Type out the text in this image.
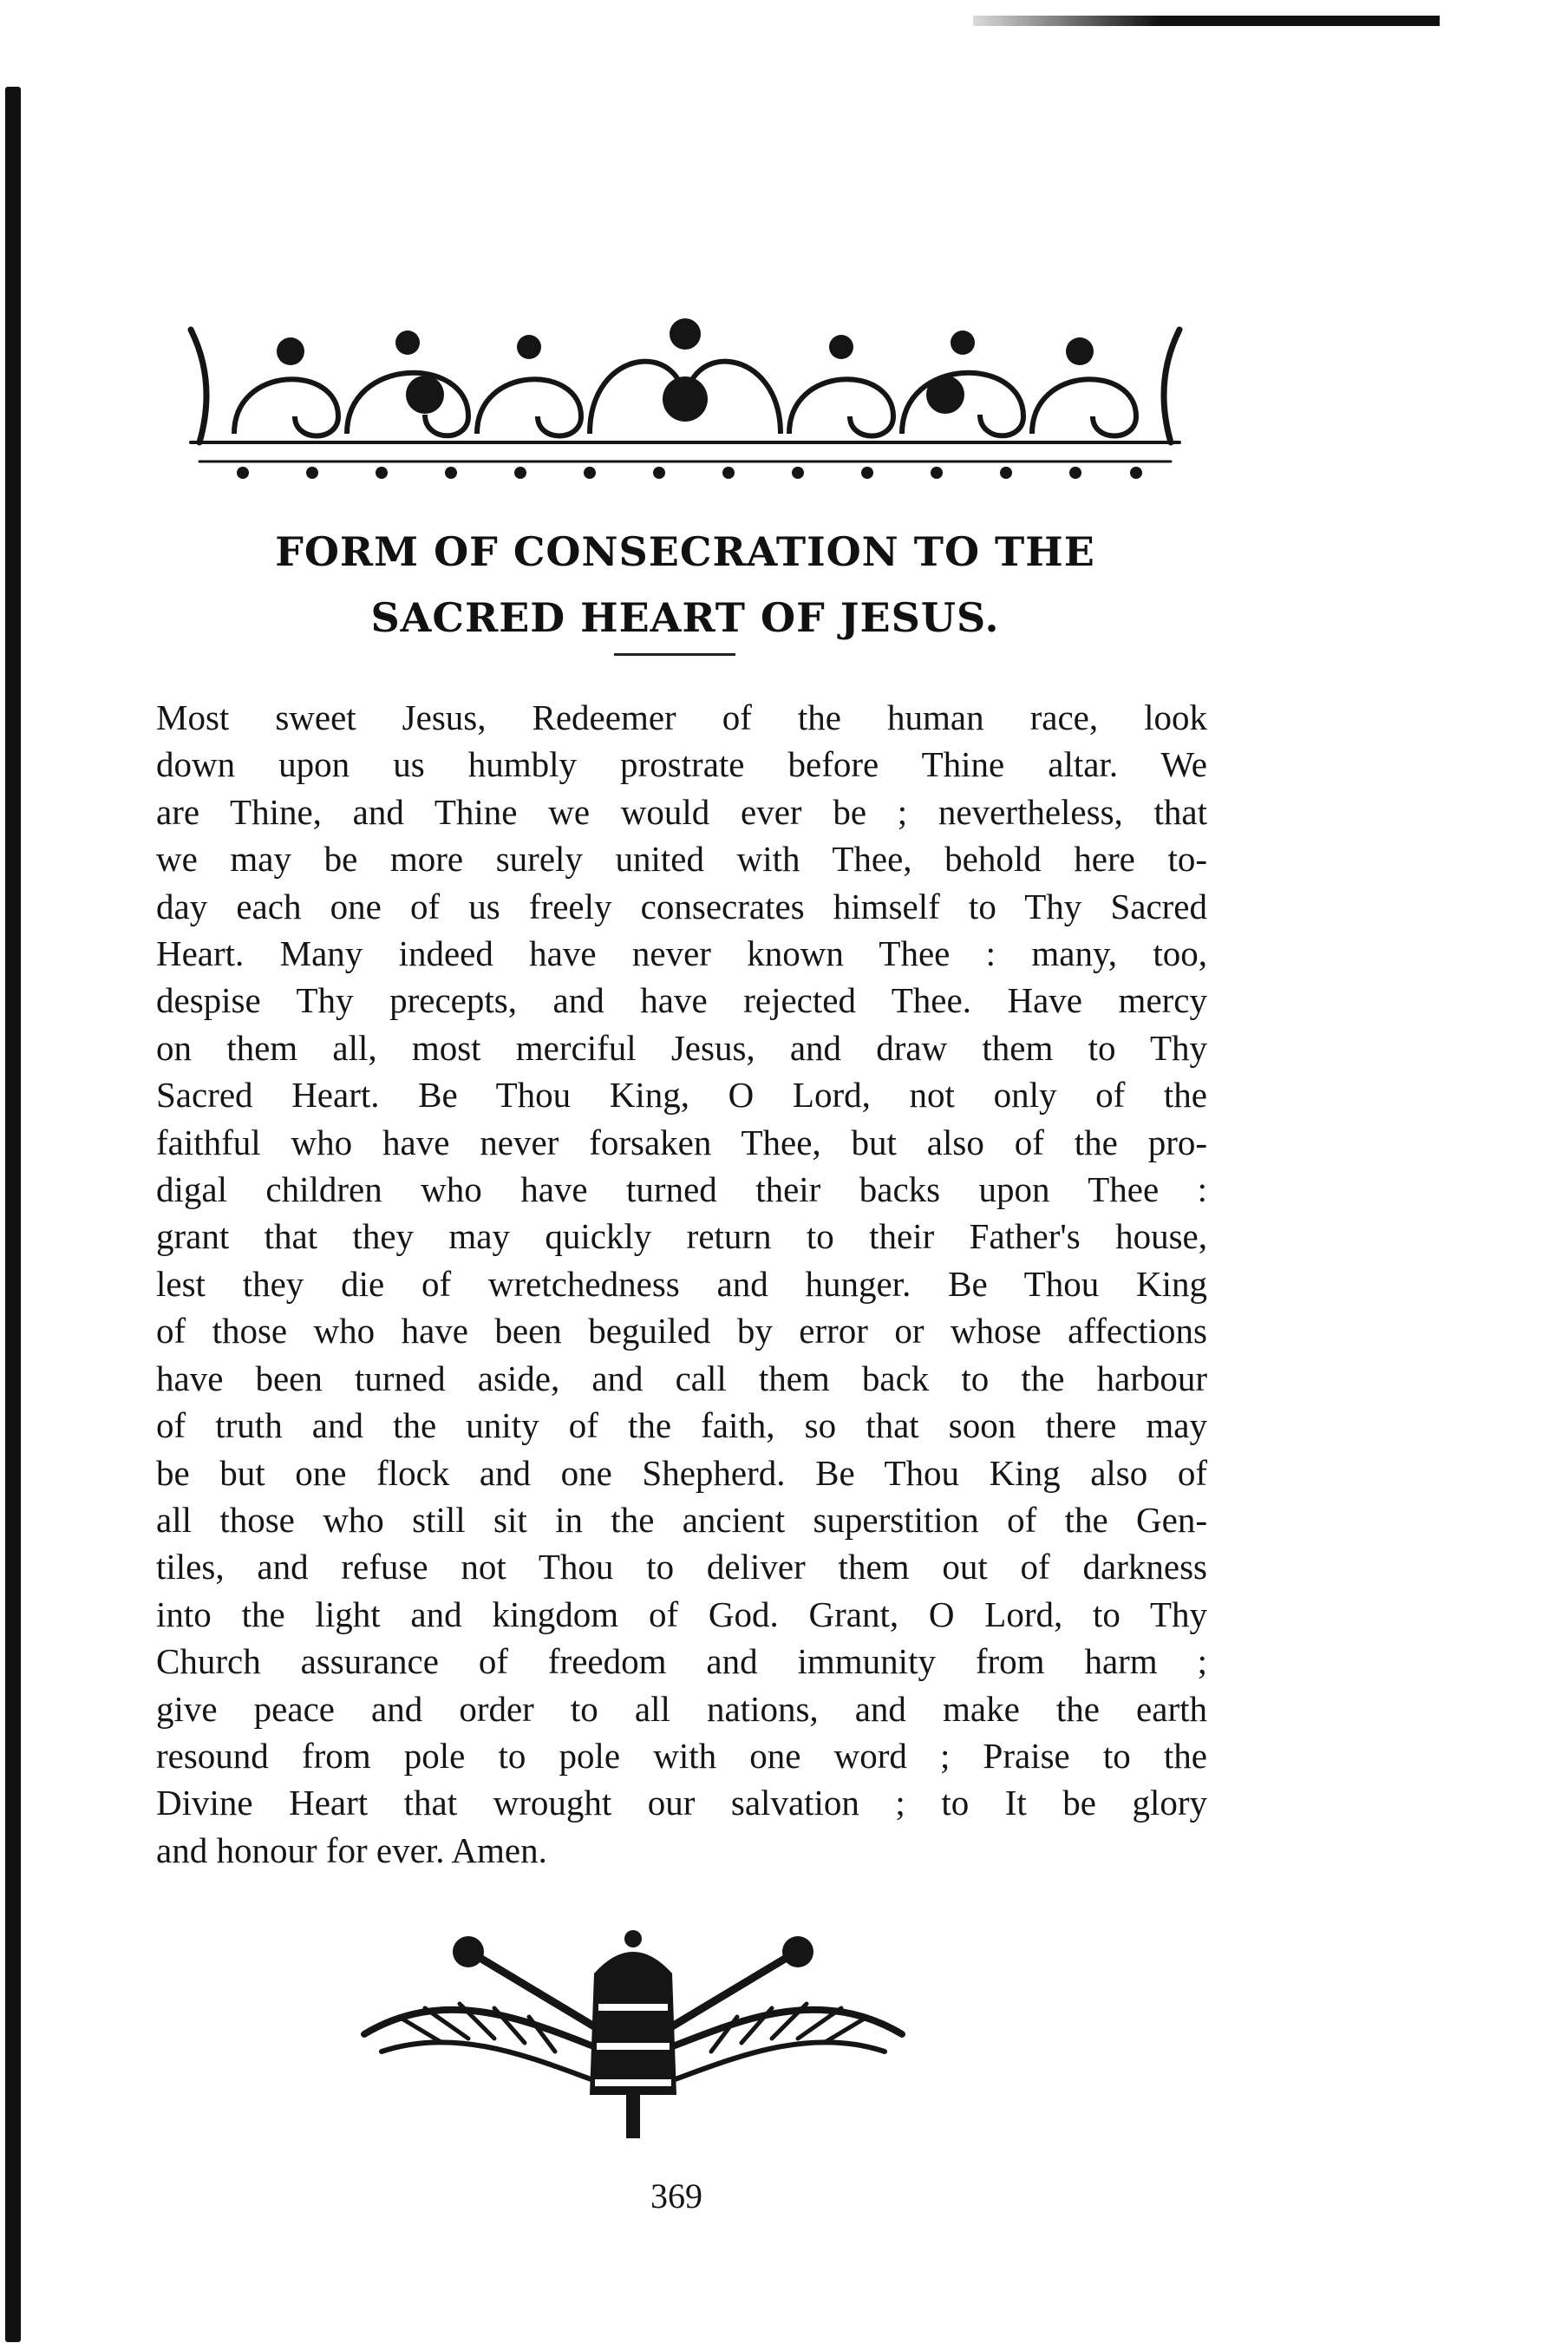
FORM OF CONSECRATION TO THE
SACRED HEART OF JESUS.

Most sweet Jesus, Redeemer of the human race, look
down upon us humbly prostrate before Thine altar. We
are Thine, and Thine we would ever be ; nevertheless, that
we may be more surely united with Thee, behold here to-
day each one of us freely consecrates himself to Thy Sacred
Heart. Many indeed have never known Thee : many, too,
despise Thy precepts, and have rejected Thee. Have mercy
on them all, most merciful Jesus, and draw them to Thy
Sacred Heart. Be Thou King, O Lord, not only of the
faithful who have never forsaken Thee, but also of the pro-
digal children who have turned their backs upon Thee :
grant that they may quickly return to their Father's house,
lest they die of wretchedness and hunger. Be Thou King
of those who have been beguiled by error or whose affections
have been turned aside, and call them back to the harbour
of truth and the unity of the faith, so that soon there may
be but one flock and one Shepherd. Be Thou King also of
all those who still sit in the ancient superstition of the Gen-
tiles, and refuse not Thou to deliver them out of darkness
into the light and kingdom of God. Grant, O Lord, to Thy
Church assurance of freedom and immunity from harm ;
give peace and order to all nations, and make the earth
resound from pole to pole with one word ; Praise to the
Divine Heart that wrought our salvation ; to It be glory
and honour for ever. Amen.

369
